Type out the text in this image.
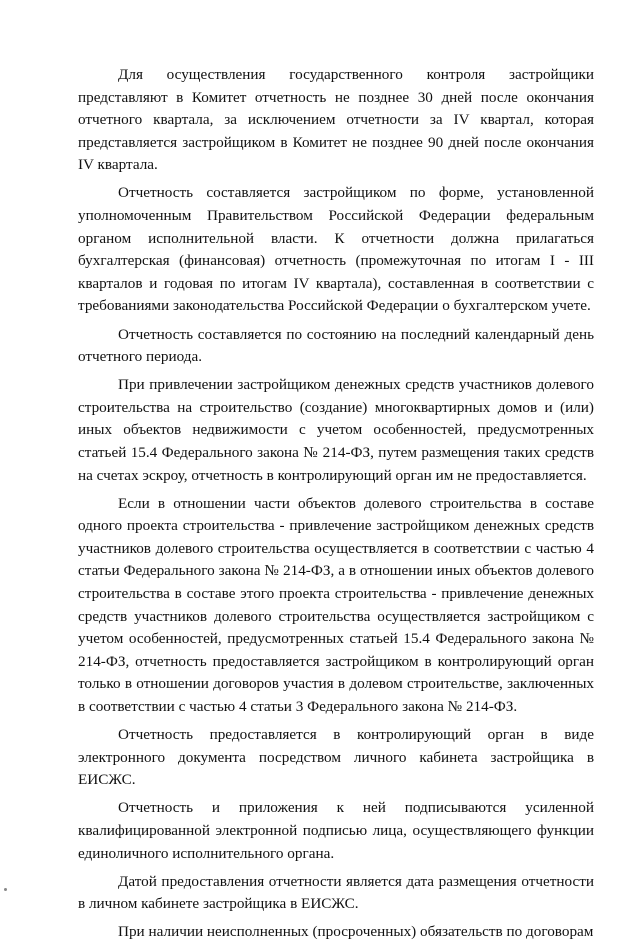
Для осуществления государственного контроля застройщики представляют в Комитет отчетность не позднее 30 дней после окончания отчетного квартала, за исключением отчетности за IV квартал, которая представляется застройщиком в Комитет не позднее 90 дней после окончания IV квартала.

Отчетность составляется застройщиком по форме, установленной уполномоченным Правительством Российской Федерации федеральным органом исполнительной власти. К отчетности должна прилагаться бухгалтерская (финансовая) отчетность (промежуточная по итогам I - III кварталов и годовая по итогам IV квартала), составленная в соответствии с требованиями законодательства Российской Федерации о бухгалтерском учете.

Отчетность составляется по состоянию на последний календарный день отчетного периода.

При привлечении застройщиком денежных средств участников долевого строительства на строительство (создание) многоквартирных домов и (или) иных объектов недвижимости с учетом особенностей, предусмотренных статьей 15.4 Федерального закона № 214-ФЗ, путем размещения таких средств на счетах эскроу, отчетность в контролирующий орган им не предоставляется.

Если в отношении части объектов долевого строительства в составе одного проекта строительства - привлечение застройщиком денежных средств участников долевого строительства осуществляется в соответствии с частью 4 статьи Федерального закона № 214-ФЗ, а в отношении иных объектов долевого строительства в составе этого проекта строительства - привлечение денежных средств участников долевого строительства осуществляется застройщиком с учетом особенностей, предусмотренных статьей 15.4 Федерального закона № 214-ФЗ, отчетность предоставляется застройщиком в контролирующий орган только в отношении договоров участия в долевом строительстве, заключенных в соответствии с частью 4 статьи 3 Федерального закона № 214-ФЗ.

Отчетность предоставляется в контролирующий орган в виде электронного документа посредством личного кабинета застройщика в ЕИСЖС.

Отчетность и приложения к ней подписываются усиленной квалифицированной электронной подписью лица, осуществляющего функции единоличного исполнительного органа.

Датой предоставления отчетности является дата размещения отчетности в личном кабинете застройщика в ЕИСЖС.

При наличии неисполненных (просроченных) обязательств по договорам
